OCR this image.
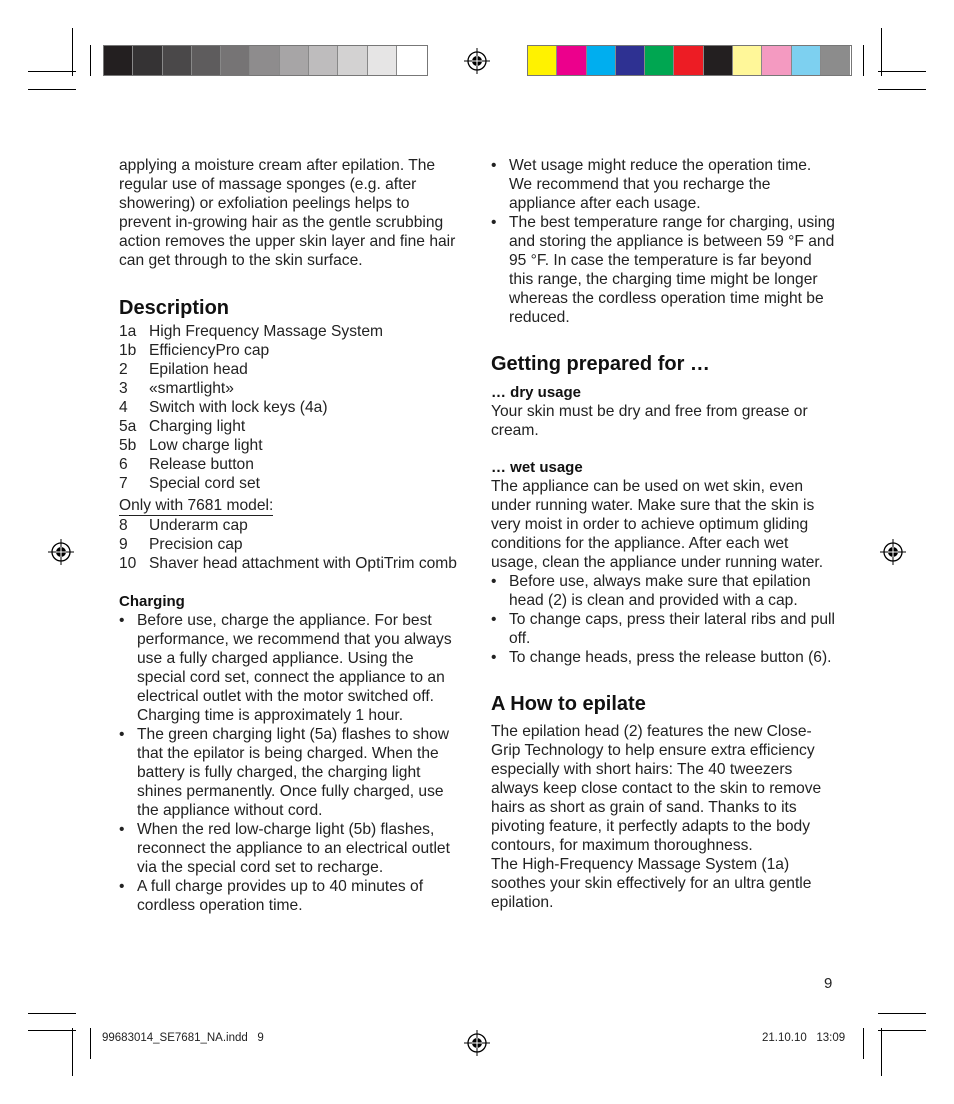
applying a moisture cream after epilation. The regular use of massage sponges (e.g. after showering) or exfoliation peelings helps to prevent in-growing hair as the gentle scrubbing action removes the upper skin layer and fine hair can get through to the skin surface.

Description
1a High Frequency Massage System
1b EfficiencyPro cap
2	Epilation head
3	«smartlight»
4	Switch with lock keys (4a)
5a Charging light
5b Low charge light
6	Release button
7	Special cord set

Only with 7681 model:

8	Underarm cap
9	Precision cap
10 Shaver head attachment with OptiTrim comb
Charging
• Before use, charge the appliance. For best performance, we recommend that you always use a fully charged appliance. Using the special cord set, connect the appliance to an electrical outlet with the motor switched off. Charging time is approximately 1 hour.
• The green charging light (5a) flashes to show that the epilator is being charged. When the battery is fully charged, the charging light shines permanently. Once fully charged, use the appliance without cord.
• When the red low-charge light (5b) flashes, reconnect the appliance to an electrical outlet via the special cord set to recharge.
• A full charge provides up to 40 minutes of cordless operation time.
• Wet usage might reduce the operation time. We recommend that you recharge the appliance after each usage.
• The best temperature range for charging, using and storing the appliance is between 59 °F and 95 °F. In case the temperature is far beyond this range, the charging time might be longer whereas the cordless operation time might be reduced.
Getting prepared for …
… dry usage

Your skin must be dry and free from grease or cream.

… wet usage

The appliance can be used on wet skin, even under running water. Make sure that the skin is very moist in order to achieve optimum gliding conditions for the appliance. After each wet usage, clean the appliance under running water.

• Before use, always make sure that epilation head (2) is clean and provided with a cap.
• To change caps, press their lateral ribs and pull off.
• To change heads, press the release button (6).
A How to epilate

The epilation head (2) features the new Close-Grip Technology to help ensure extra efficiency especially with short hairs: The 40 tweezers always keep close contact to the skin to remove hairs as short as grain of sand. Thanks to its pivoting feature, it perfectly adapts to the body contours, for maximum thoroughness.

The High-Frequency Massage System (1a) soothes your skin effectively for an ultra gentle epilation.

9
99683014_SE7681_NA.indd   9	21.10.10   13:09
